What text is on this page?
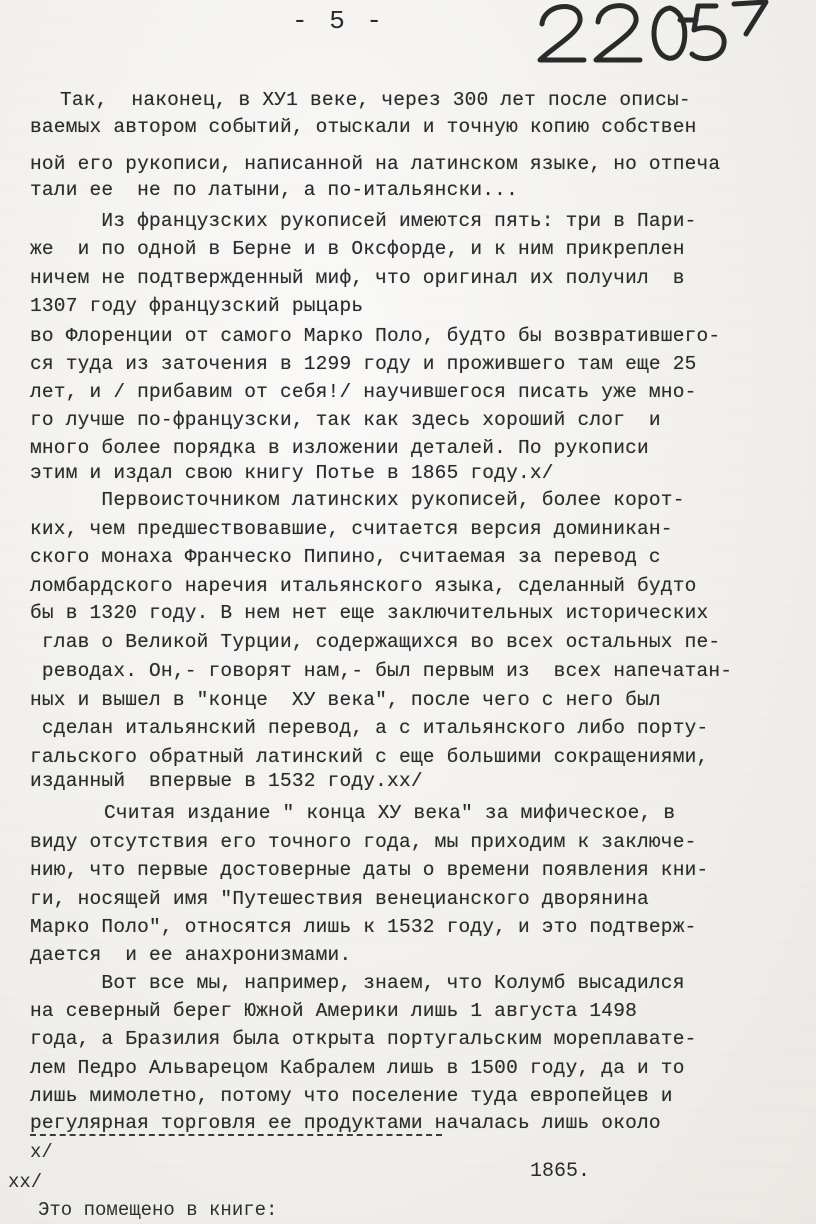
- 5 -
Так,  наконец, в ХУ1 веке, через 300 лет после описы-
ваемых автором событий, отыскали и точную копию собствен
ной его рукописи, написанной на латинском языке, но отпеча
тали ее  не по латыни, а по-итальянски...
Из французских рукописей имеются пять: три в Пари-
же  и по одной в Берне и в Оксфорде, и к ним прикреплен
ничем не подтвержденный миф, что оригинал их получил  в
1307 году французский рыцарь
во Флоренции от самого Марко Поло, будто бы возвратившего-
ся туда из заточения в 1299 году и прожившего там еще 25
лет, и / прибавим от себя!/ научившегося писать уже мно-
го лучше по-французски, так как здесь хороший слог  и
много более порядка в изложении деталей. По рукописи
этим и издал свою книгу Потье в 1865 году.x/
Первоисточником латинских рукописей, более корот-
ких, чем предшествовавшие, считается версия доминикан-
ского монаха Франческо Пипино, считаемая за перевод с
ломбардского наречия итальянского языка, сделанный будто
бы в 1320 году. В нем нет еще заключительных исторических
глав о Великой Турции, содержащихся во всех остальных пе-
реводах. Он,- говорят нам,- был первым из  всех напечатан-
ных и вышел в "конце  ХУ века", после чего с него был
сделан итальянский перевод, а с итальянского либо порту-
гальского обратный латинский с еще большими сокращениями,
изданный  впервые в 1532 году.xx/
Считая издание " конца ХУ века" за мифическое, в
виду отсутствия его точного года, мы приходим к заключе-
нию, что первые достоверные даты о времени появления кни-
ги, носящей имя "Путешествия венецианского дворянина
Марко Поло", относятся лишь к 1532 году, и это подтверж-
дается  и ее анахронизмами.
Вот все мы, например, знаем, что Колумб высадился
на северный берег Южной Америки лишь 1 августа 1498
года, а Бразилия была открыта португальским мореплавате-
лем Педро Альварецом Кабралем лишь в 1500 году, да и то
лишь мимолетно, потому что поселение туда европейцев и
регулярная торговля ее продуктами началась лишь около
x/
1865.
xx/
Это помещено в книге:
